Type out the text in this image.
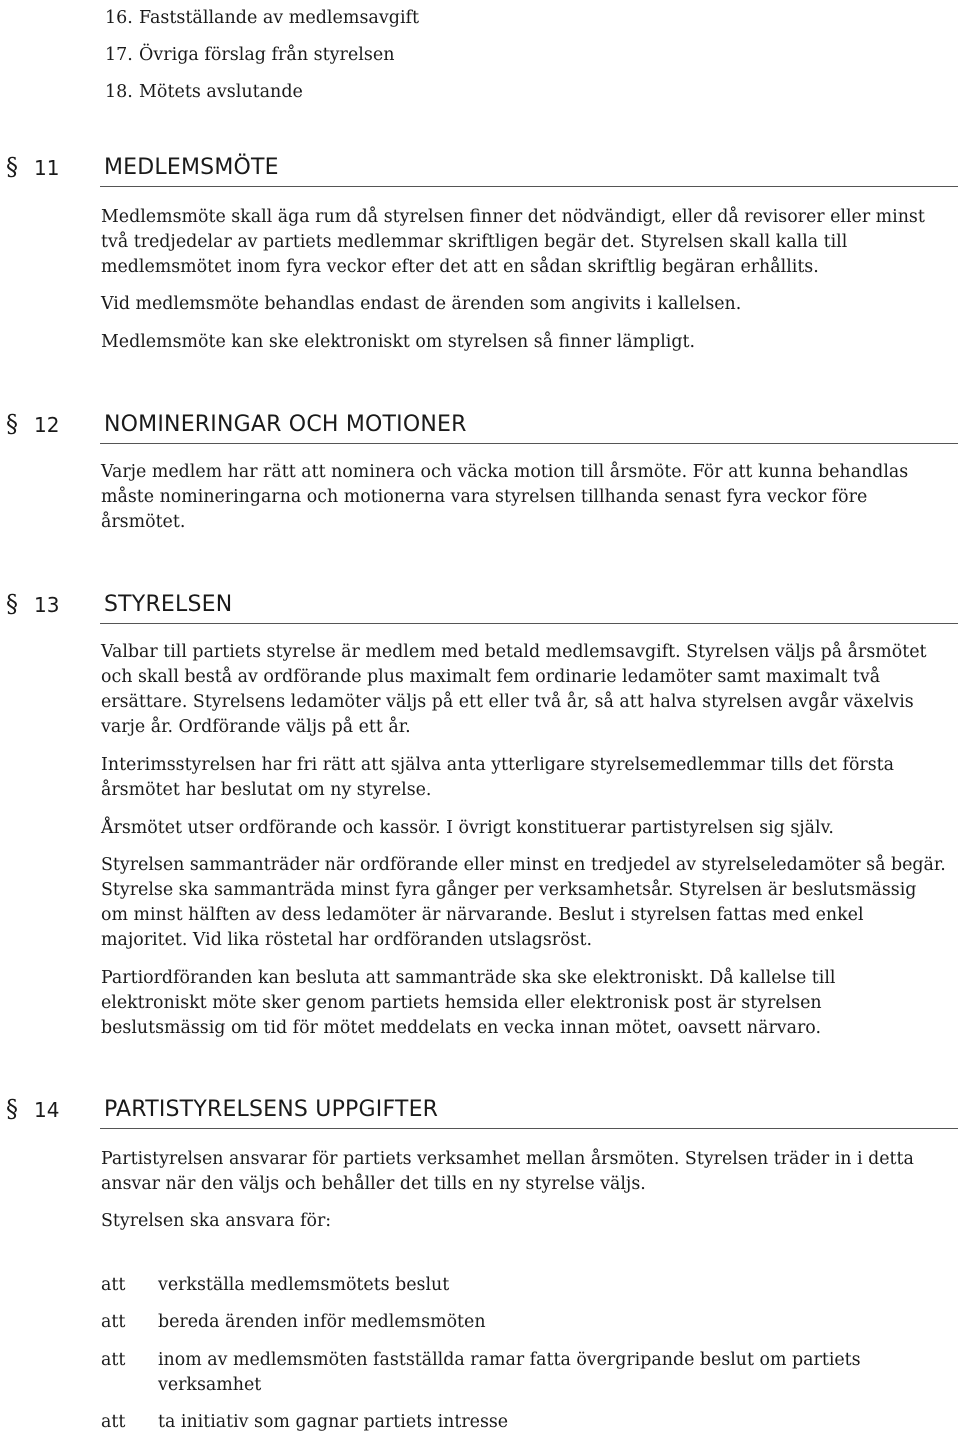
16. Fastställande av medlemsavgift
17. Övriga förslag från styrelsen
18. Mötets avslutande
§ 11 MEDLEMSMÖTE

Medlemsmöte skall äga rum då styrelsen finner det nödvändigt, eller då revisorer eller minst två tredjedelar av partiets medlemmar skriftligen begär det. Styrelsen skall kalla till medlemsmötet inom fyra veckor efter det att en sådan skriftlig begäran erhållits.

Vid medlemsmöte behandlas endast de ärenden som angivits i kallelsen.

Medlemsmöte kan ske elektroniskt om styrelsen så finner lämpligt.

§ 12 NOMINERINGAR OCH MOTIONER

Varje medlem har rätt att nominera och väcka motion till årsmöte. För att kunna behandlas måste nomineringarna och motionerna vara styrelsen tillhanda senast fyra veckor före årsmötet.

§ 13 STYRELSEN

Valbar till partiets styrelse är medlem med betald medlemsavgift. Styrelsen väljs på årsmötet och skall bestå av ordförande plus maximalt fem ordinarie ledamöter samt maximalt två ersättare. Styrelsens ledamöter väljs på ett eller två år, så att halva styrelsen avgår växelvis varje år. Ordförande väljs på ett år.

Interimsstyrelsen har fri rätt att själva anta ytterligare styrelsemedlemmar tills det första årsmötet har beslutat om ny styrelse.

Årsmötet utser ordförande och kassör. I övrigt konstituerar partistyrelsen sig själv.

Styrelsen sammanträder när ordförande eller minst en tredjedel av styrelseledamöter så begär. Styrelse ska sammanträda minst fyra gånger per verksamhetsår. Styrelsen är beslutsmässig om minst hälften av dess ledamöter är närvarande. Beslut i styrelsen fattas med enkel majoritet. Vid lika röstetal har ordföranden utslagsröst.

Partiordföranden kan besluta att sammanträde ska ske elektroniskt. Då kallelse till elektroniskt möte sker genom partiets hemsida eller elektronisk post är styrelsen beslutsmässig om tid för mötet meddelats en vecka innan mötet, oavsett närvaro.

§ 14 PARTISTYRELSENS UPPGIFTER

Partistyrelsen ansvarar för partiets verksamhet mellan årsmöten. Styrelsen träder in i detta ansvar när den väljs och behåller det tills en ny styrelse väljs.

Styrelsen ska ansvara för:

att verkställa medlemsmötets beslut
att bereda ärenden inför medlemsmöten
att inom av medlemsmöten fastställda ramar fatta övergripande beslut om partiets verksamhet
att ta initiativ som gagnar partiets intresse
